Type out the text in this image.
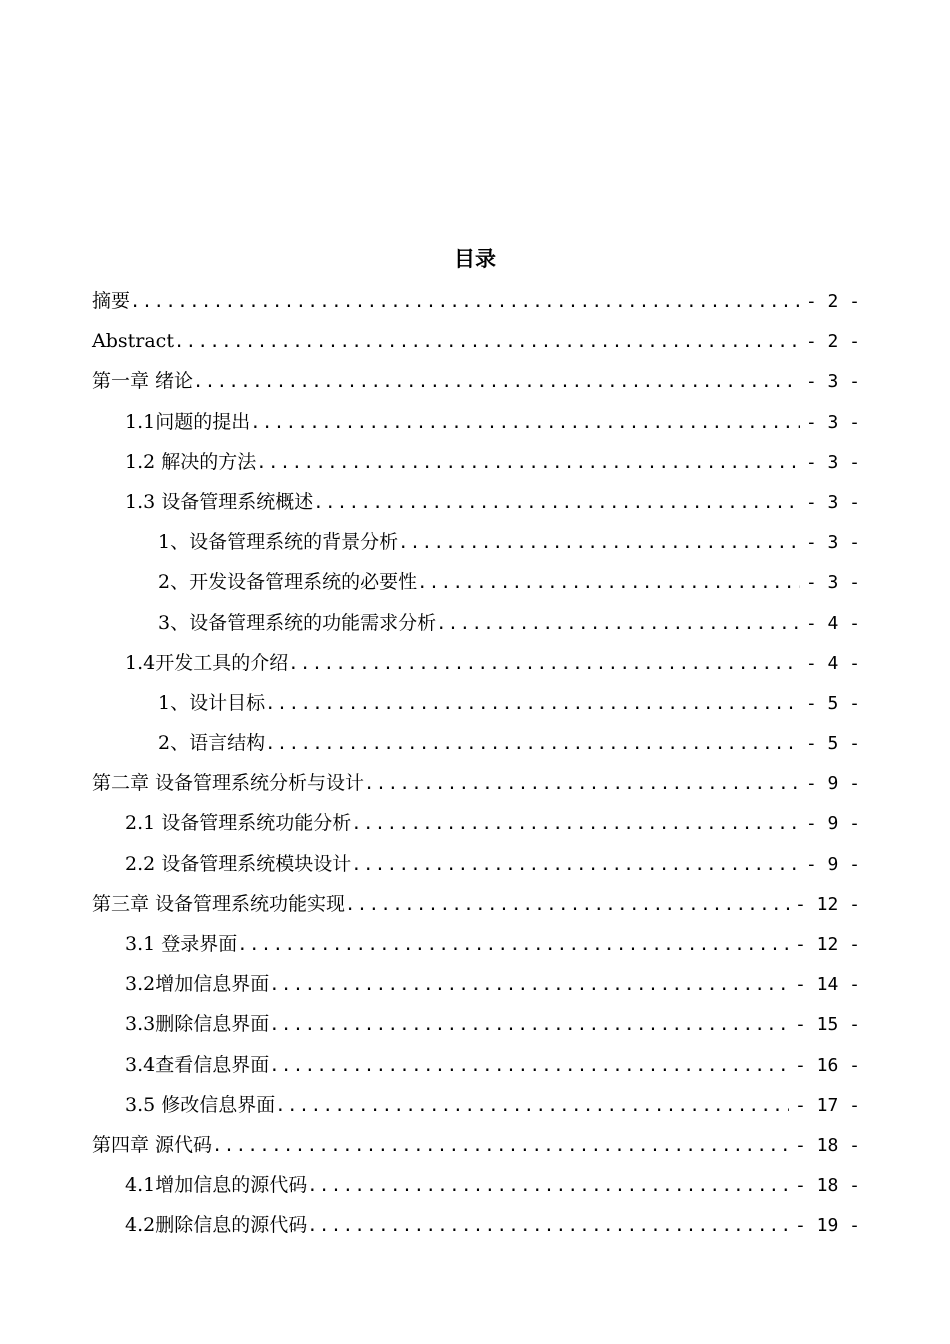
目录
摘要 .....	- 2 -
Abstract .....	- 2 -
第一章 绪论 .....	- 3 -
1.1问题的提出 .....	- 3 -
1.2 解决的方法 .....	- 3 -
1.3 设备管理系统概述 .....	- 3 -
1、设备管理系统的背景分析 .....	- 3 -
2、开发设备管理系统的必要性 .....	- 3 -
3、设备管理系统的功能需求分析 .....	- 4 -
1.4开发工具的介绍 .....	- 4 -
1、设计目标 .....	- 5 -
2、语言结构 .....	- 5 -
第二章 设备管理系统分析与设计 .....	- 9 -
2.1 设备管理系统功能分析 .....	- 9 -
2.2 设备管理系统模块设计 .....	- 9 -
第三章 设备管理系统功能实现 .....	- 12 -
3.1 登录界面 .....	- 12 -
3.2增加信息界面 .....	- 14 -
3.3删除信息界面 .....	- 15 -
3.4查看信息界面 .....	- 16 -
3.5 修改信息界面 .....	- 17 -
第四章 源代码 .....	- 18 -
4.1增加信息的源代码 .....	- 18 -
4.2删除信息的源代码 .....	- 19 -
